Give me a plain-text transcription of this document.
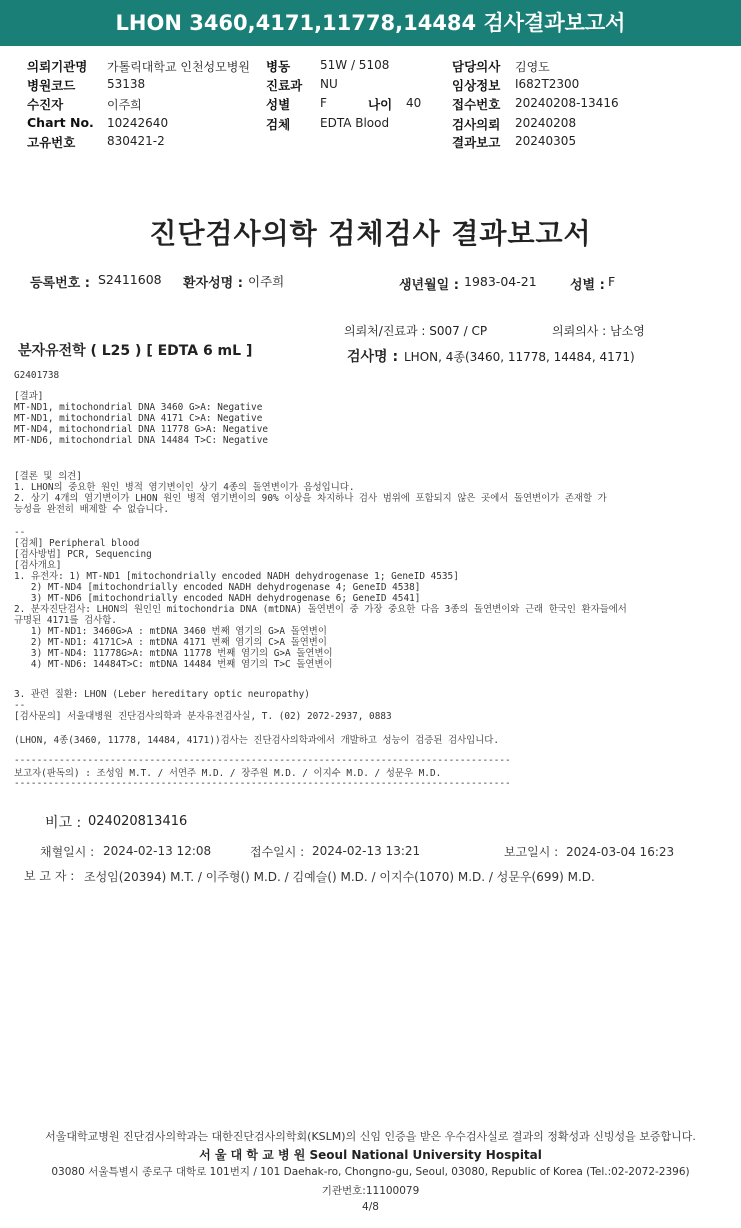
LHON 3460,4171,11778,14484 검사결과보고서
의뢰기관명 가톨릭대학교 인천성모병원
병원코드	53138
수진자	이주희
Chart No. 10242640
고유번호	830421-2
병동 51W / 5108
진료과 NU
성별 F
검체 EDTA Blood
나이 40
담당의사 김영도
임상정보 I682T2300
접수번호 20240208-13416
검사의뢰 20240208
결과보고 20240305
진단검사의학 검체검사 결과보고서
등록번호 : S2411608 환자성명 : 이주희	생년월일 : 1983-04-21	성별 : F
의뢰처/진료과 : S007 / CP	의뢰의사 : 남소영
분자유전학 ( L25 ) [ EDTA 6 mL ]	검사명 : LHON, 4종(3460, 11778, 14484, 4171)
G2401738
[결과]
MT-ND1, mitochondrial DNA 3460 G>A: Negative
MT-ND1, mitochondrial DNA 4171 C>A: Negative
MT-ND4, mitochondrial DNA 11778 G>A: Negative
MT-ND6, mitochondrial DNA 14484 T>C: Negative
[결론 및 의견]
1. LHON의 중요한 원인 병적 염기변이인 상기 4종의 돌연변이가 음성입니다.
2. 상기 4개의 염기변이가 LHON 원인 병적 염기변이의 90% 이상을 차지하나 검사 범위에 포함되지 않은 곳에서 돌연변이가 존재할 가
능성을 완전히 배제할 수 없습니다.
--
[검체] Peripheral blood
[검사방법] PCR, Sequencing
[검사개요]
1. 유전자: 1) MT-ND1 [mitochondrially encoded NADH dehydrogenase 1; GeneID 4535]
2) MT-ND4 [mitochondrially encoded NADH dehydrogenase 4; GeneID 4538]
3) MT-ND6 [mitochondrially encoded NADH dehydrogenase 6; GeneID 4541]
2. 분자진단검사: LHON의 원인인 mitochondria DNA (mtDNA) 돌연변이 중 가장 중요한 다음 3종의 돌연변이와 근래 한국인 환자들에서
규명된 4171를 검사함.
1) MT-ND1: 3460G>A : mtDNA 3460 번째 염기의 G>A 돌연변이
2) MT-ND1: 4171C>A : mtDNA 4171 번째 염기의 C>A 돌연변이
3) MT-ND4: 11778G>A: mtDNA 11778 번째 염기의 G>A 돌연변이
4) MT-ND6: 14484T>C: mtDNA 14484 번째 염기의 T>C 돌연변이
3. 관련 질환: LHON (Leber hereditary optic neuropathy)
--
[검사문의] 서울대병원 진단검사의학과 분자유전검사실, T. (02) 2072-2937, 0883
(LHON, 4종(3460, 11778, 14484, 4171))검사는 진단검사의학과에서 개발하고 성능이 검증된 검사입니다.
----------------------------------------------------------------------------------------
보고자(판독의) : 조성임 M.T. / 서연주 M.D. / 장주원 M.D. / 이지수 M.D. / 성문우 M.D.
----------------------------------------------------------------------------------------
비고 : 024020813416
채혈일시 : 2024-02-13 12:08	접수일시 : 2024-02-13 13:21	보고일시 : 2024-03-04 16:23
보 고 자 : 조성임(20394) M.T. / 이주형() M.D. / 김예슬() M.D. / 이지수(1070) M.D. / 성문우(699) M.D.
서울대학교병원 진단검사의학과는 대한진단검사의학회(KSLM)의 신임 인증을 받은 우수검사실로 결과의 정확성과 신빙성을 보증합니다.
서 울 대 학 교 병 원 Seoul National University Hospital
03080 서울특별시 종로구 대학로 101번지 / 101 Daehak-ro, Chongno-gu, Seoul, 03080, Republic of Korea (Tel.:02-2072-2396)
기관번호:11100079
4/8
